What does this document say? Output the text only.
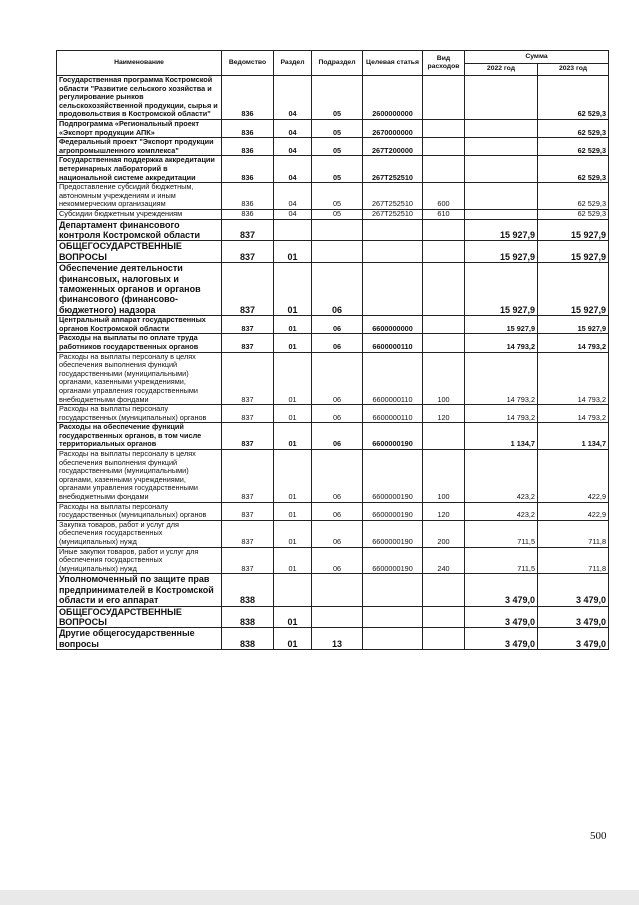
Наименование	Ведомство	Раздел	Подраздел	Целевая статья	Вид расходов	Сумма	
						2022 год	2023 год
Государственная программа Костромской области "Развитие сельского хозяйства и регулирование рынков сельскохозяйственной продукции, сырья и продовольствия в Костромской области"	836	04	05	2600000000			62 529,3
Подпрограмма «Региональный проект «Экспорт продукции АПК»	836	04	05	2670000000			62 529,3
Федеральный проект "Экспорт продукции агропромышленного комплекса"	836	04	05	267T200000			62 529,3
Государственная поддержка аккредитации ветеринарных лабораторий в национальной системе аккредитации	836	04	05	267T252510			62 529,3
Предоставление субсидий бюджетным, автономным учреждениям и иным некоммерческим организациям	836	04	05	267T252510	600		62 529,3
Субсидии бюджетным учреждениям	836	04	05	267T252510	610		62 529,3
Департамент финансового контроля Костромской области	837					15 927,9	15 927,9
ОБЩЕГОСУДАРСТВЕННЫЕ ВОПРОСЫ	837	01				15 927,9	15 927,9
Обеспечение деятельности финансовых, налоговых и таможенных органов и органов финансового (финансово-бюджетного) надзора	837	01	06			15 927,9	15 927,9
Центральный аппарат государственных органов Костромской области	837	01	06	6600000000		15 927,9	15 927,9
Расходы на выплаты по оплате труда работников государственных органов	837	01	06	6600000110		14 793,2	14 793,2
Расходы на выплаты персоналу в целях обеспечения выполнения функций государственными (муниципальными) органами, казенными учреждениями, органами управления государственными внебюджетными фондами	837	01	06	6600000110	100	14 793,2	14 793,2
Расходы на выплаты персоналу государственных (муниципальных) органов	837	01	06	6600000110	120	14 793,2	14 793,2
Расходы на обеспечение функций государственных органов, в том числе территориальных органов	837	01	06	6600000190		1 134,7	1 134,7
Расходы на выплаты персоналу в целях обеспечения выполнения функций государственными (муниципальными) органами, казенными учреждениями, органами управления государственными внебюджетными фондами	837	01	06	6600000190	100	423,2	422,9
Расходы на выплаты персоналу государственных (муниципальных) органов	837	01	06	6600000190	120	423,2	422,9
Закупка товаров, работ и услуг для обеспечения государственных (муниципальных) нужд	837	01	06	6600000190	200	711,5	711,8
Иные закупки товаров, работ и услуг для обеспечения государственных (муниципальных) нужд	837	01	06	6600000190	240	711,5	711,8
Уполномоченный по защите прав предпринимателей в Костромской области и его аппарат	838					3 479,0	3 479,0
ОБЩЕГОСУДАРСТВЕННЫЕ ВОПРОСЫ	838	01				3 479,0	3 479,0
Другие общегосударственные вопросы	838	01	13			3 479,0	3 479,0
500
